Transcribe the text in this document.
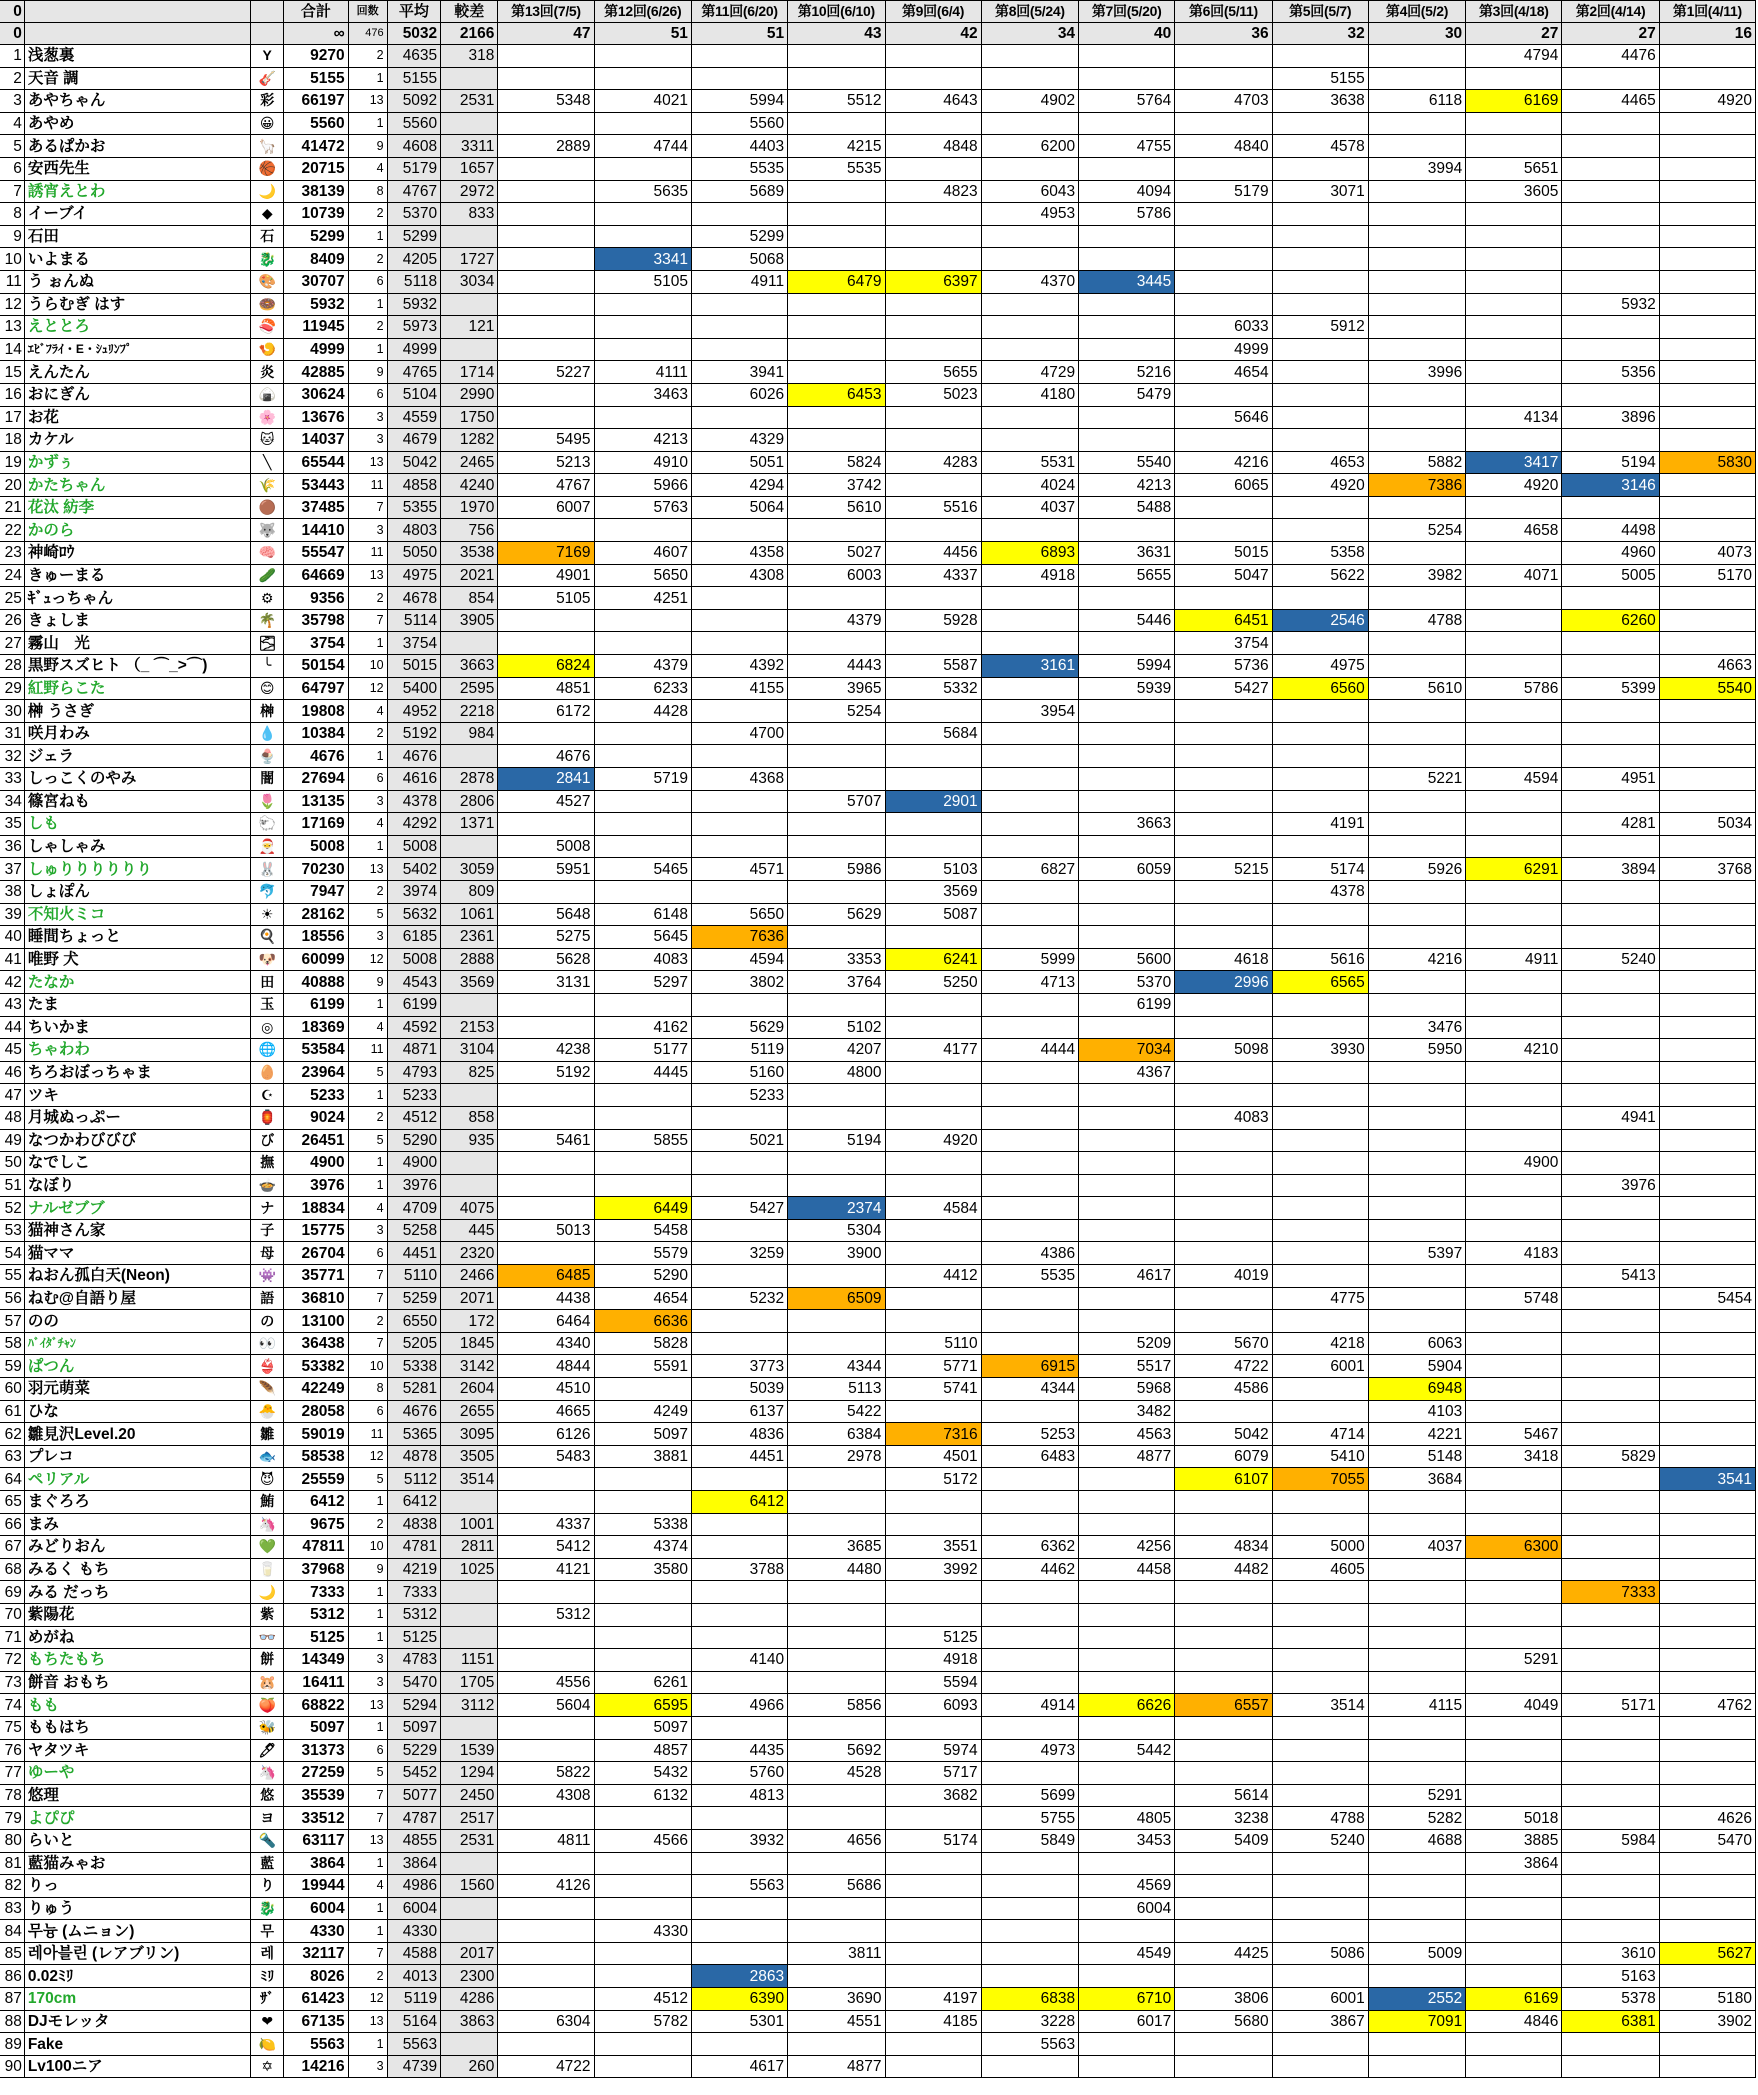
0			合計	回数	平均	較差	第13回(7/5)	第12回(6/26)	第11回(6/20)	第10回(6/10)	第9回(6/4)	第8回(5/24)	第7回(5/20)	第6回(5/11)	第5回(5/7)	第4回(5/2)	第3回(4/18)	第2回(4/14)	第1回(4/11)
0			∞	476	5032	2166	47	51	51	43	42	34	40	36	32	30	27	27	16
1	浅葱裏	Y	9270	2	4635	318											4794	4476	
2	天音 調	🎸	5155	1	5155										5155				
3	あやちゃん	彩	66197	13	5092	2531	5348	4021	5994	5512	4643	4902	5764	4703	3638	6118	6169	4465	4920
4	あやめ	😀	5560	1	5560				5560										
5	あるぱかお	🦙	41472	9	4608	3311	2889	4744	4403	4215	4848	6200	4755	4840	4578				
6	安西先生	🏀	20715	4	5179	1657			5535	5535						3994	5651		
7	誘宵えとわ	🌙	38139	8	4767	2972		5635	5689		4823	6043	4094	5179	3071		3605		
8	イーブイ	◆	10739	2	5370	833						4953	5786						
9	石田	石	5299	1	5299				5299										
10	いよまる	🐉	8409	2	4205	1727		3341	5068										
11	う ぉんぬ	🎨	30707	6	5118	3034		5105	4911	6479	6397	4370	3445						
12	うらむぎ はす	🍩	5932	1	5932													5932	
13	えととろ	🍣	11945	2	5973	121								6033	5912				
14	ｴﾋﾞﾌﾗｲ・E・ｼｭﾘﾝﾌﾟ	🍤	4999	1	4999									4999					
15	えんたん	炎	42885	9	4765	1714	5227	4111	3941		5655	4729	5216	4654		3996		5356	
16	おにぎん	🍙	30624	6	5104	2990		3463	6026	6453	5023	4180	5479						
17	お花	🌸	13676	3	4559	1750								5646			4134	3896	
18	カケル	🐱	14037	3	4679	1282	5495	4213	4329										
19	かずぅ	╲	65544	13	5042	2465	5213	4910	5051	5824	4283	5531	5540	4216	4653	5882	3417	5194	5830
20	かたちゃん	🌾	53443	11	4858	4240	4767	5966	4294	3742		4024	4213	6065	4920	7386	4920	3146	
21	花汰 紡李	🟤	37485	7	5355	1970	6007	5763	5064	5610	5516	4037	5488						
22	かのら	🐺	14410	3	4803	756										5254	4658	4498	
23	神崎ﾛｳ	🧠	55547	11	5050	3538	7169	4607	4358	5027	4456	6893	3631	5015	5358			4960	4073
24	きゅーまる	🥒	64669	13	4975	2021	4901	5650	4308	6003	4337	4918	5655	5047	5622	3982	4071	5005	5170
25	ｷﾞｭっちゃん	⚙	9356	2	4678	854	5105	4251											
26	きょしま	🌴	35798	7	5114	3905				4379	5928		5446	6451	2546	4788		6260	
27	霧山　光	🌫	3754	1	3754									3754					
28	黒野スズヒト （_ ⌒_>⌒)	╰	50154	10	5015	3663	6824	4379	4392	4443	5587	3161	5994	5736	4975				4663
29	紅野らこた	😊	64797	12	5400	2595	4851	6233	4155	3965	5332		5939	5427	6560	5610	5786	5399	5540
30	榊 うさぎ	榊	19808	4	4952	2218	6172	4428		5254		3954							
31	咲月わみ	💧	10384	2	5192	984			4700		5684								
32	ジェラ	🍨	4676	1	4676		4676												
33	しっこくのやみ	闇	27694	6	4616	2878	2841	5719	4368							5221	4594	4951	
34	篠宮ねも	🌷	13135	3	4378	2806	4527			5707	2901								
35	しも	🐑	17169	4	4292	1371							3663		4191			4281	5034
36	しゃしゃみ	🎅	5008	1	5008		5008												
37	しゅりりりりりり	🐰	70230	13	5402	3059	5951	5465	4571	5986	5103	6827	6059	5215	5174	5926	6291	3894	3768
38	しょぽん	🐬	7947	2	3974	809					3569				4378				
39	不知火ミコ	☀	28162	5	5632	1061	5648	6148	5650	5629	5087								
40	睡間ちょっと	🍳	18556	3	6185	2361	5275	5645	7636										
41	唯野 犬	🐶	60099	12	5008	2888	5628	4083	4594	3353	6241	5999	5600	4618	5616	4216	4911	5240	
42	たなか	田	40888	9	4543	3569	3131	5297	3802	3764	5250	4713	5370	2996	6565				
43	たま	玉	6199	1	6199								6199						
44	ちいかま	◎	18369	4	4592	2153		4162	5629	5102						3476			
45	ちゃわわ	🌐	53584	11	4871	3104	4238	5177	5119	4207	4177	4444	7034	5098	3930	5950	4210		
46	ちろおぼっちゃま	🥚	23964	5	4793	825	5192	4445	5160	4800			4367						
47	ツキ	☪	5233	1	5233				5233										
48	月城ぬっぷー	🏮	9024	2	4512	858								4083				4941	
49	なつかわびびび	び	26451	5	5290	935	5461	5855	5021	5194	4920								
50	なでしこ	撫	4900	1	4900												4900		
51	なぼり	🍲	3976	1	3976													3976	
52	ナルゼブブ	ナ	18834	4	4709	4075		6449	5427	2374	4584								
53	猫神さん家	子	15775	3	5258	445	5013	5458		5304									
54	猫ママ	母	26704	6	4451	2320		5579	3259	3900		4386				5397	4183		
55	ねおん孤白天(Neon)	👾	35771	7	5110	2466	6485	5290			4412	5535	4617	4019				5413	
56	ねむ@自語り屋	語	36810	7	5259	2071	4438	4654	5232	6509					4775		5748		5454
57	のの	の	13100	2	6550	172	6464	6636											
58	ﾊﾞｲﾀﾞﾁｬﾝ	👀	36438	7	5205	1845	4340	5828			5110		5209	5670	4218	6063			
59	ぱつん	👙	53382	10	5338	3142	4844	5591	3773	4344	5771	6915	5517	4722	6001	5904			
60	羽元萌菜	🪶	42249	8	5281	2604	4510		5039	5113	5741	4344	5968	4586		6948			
61	ひな	🐣	28058	6	4676	2655	4665	4249	6137	5422			3482			4103			
62	雛見沢Level.20	雛	59019	11	5365	3095	6126	5097	4836	6384	7316	5253	4563	5042	4714	4221	5467		
63	プレコ	🐟	58538	12	4878	3505	5483	3881	4451	2978	4501	6483	4877	6079	5410	5148	3418	5829	
64	ペリアル	😈	25559	5	5112	3514					5172			6107	7055	3684			3541
65	まぐろろ	鮪	6412	1	6412				6412										
66	まみ	🦄	9675	2	4838	1001	4337	5338											
67	みどりおん	💚	47811	10	4781	2811	5412	4374		3685	3551	6362	4256	4834	5000	4037	6300		
68	みるく もち	🥛	37968	9	4219	1025	4121	3580	3788	4480	3992	4462	4458	4482	4605				
69	みる だっち	🌙	7333	1	7333													7333	
70	紫陽花	紫	5312	1	5312		5312												
71	めがね	👓	5125	1	5125						5125								
72	もちたもち	餅	14349	3	4783	1151			4140		4918						5291		
73	餅音 おもち	🐹	16411	3	5470	1705	4556	6261			5594								
74	もも	🍑	68822	13	5294	3112	5604	6595	4966	5856	6093	4914	6626	6557	3514	4115	4049	5171	4762
75	ももはち	🐝	5097	1	5097			5097											
76	ヤタツキ	🖊	31373	6	5229	1539		4857	4435	5692	5974	4973	5442						
77	ゆーや	🦄	27259	5	5452	1294	5822	5432	5760	4528	5717								
78	悠理	悠	35539	7	5077	2450	4308	6132	4813		3682	5699		5614		5291			
79	よぴぴ	ヨ	33512	7	4787	2517						5755	4805	3238	4788	5282	5018		4626
80	らいと	🔦	63117	13	4855	2531	4811	4566	3932	4656	5174	5849	3453	5409	5240	4688	3885	5984	5470
81	藍猫みゃお	藍	3864	1	3864												3864		
82	りっ	り	19944	4	4986	1560	4126		5563	5686			4569						
83	りゅう	🐉	6004	1	6004								6004						
84	무늉 (ムニョン)	무	4330	1	4330			4330											
85	레아블린 (レアブリン)	레	32117	7	4588	2017				3811			4549	4425	5086	5009		3610	5627
86	0.02ﾐﾘ	ﾐﾘ	8026	2	4013	2300			2863									5163	
87	170cm	ｻﾞ	61423	12	5119	4286		4512	6390	3690	4197	6838	6710	3806	6001	2552	6169	5378	5180
88	DJモレッタ	❤	67135	13	5164	3863	6304	5782	5301	4551	4185	3228	6017	5680	3867	7091	4846	6381	3902
89	Fake	🍋	5563	1	5563							5563							
90	Lv100ニア	✡	14216	3	4739	260	4722		4617	4877									
